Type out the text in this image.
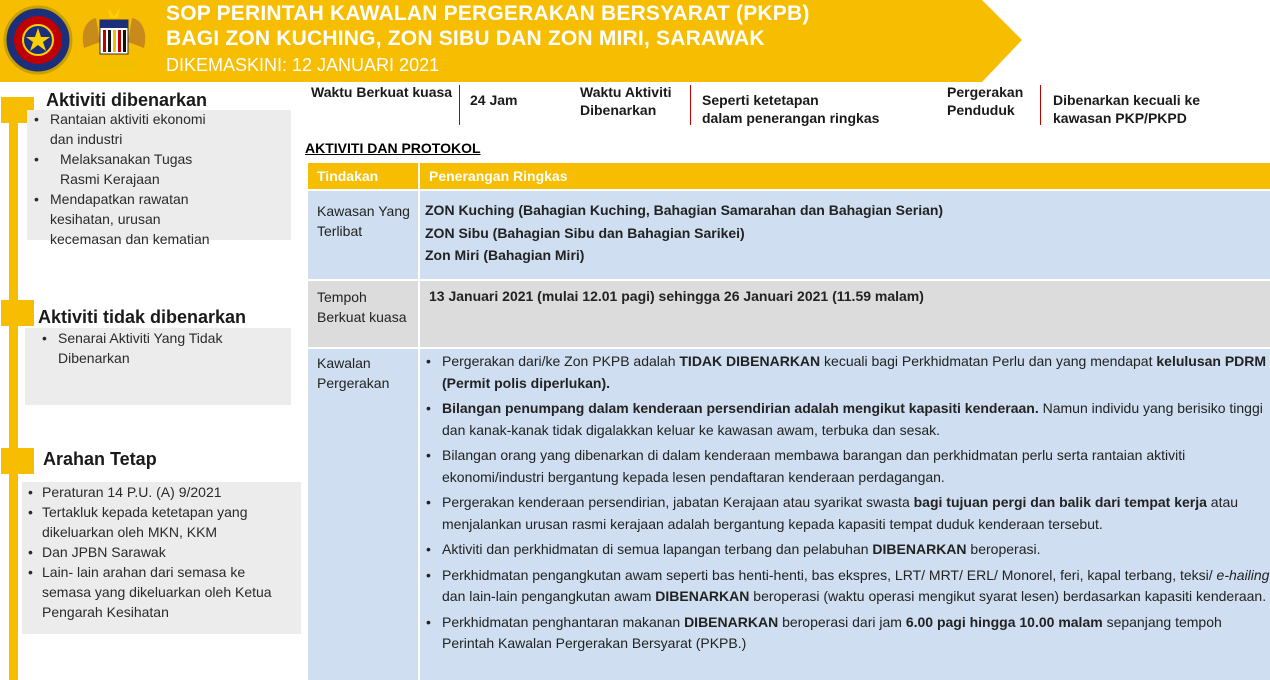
SOP PERINTAH KAWALAN PERGERAKAN BERSYARAT (PKPB)
BAGI ZON KUCHING, ZON SIBU DAN ZON MIRI, SARAWAK
DIKEMASKINI: 12 JANUARI 2021
Aktiviti dibenarkan
• Rantaian aktiviti ekonomi dan industri
• Melaksanakan Tugas Rasmi Kerajaan
• Mendapatkan rawatan kesihatan, urusan kecemasan dan kematian
Aktiviti tidak dibenarkan
• Senarai Aktiviti Yang Tidak Dibenarkan
Arahan Tetap
• Peraturan 14 P.U. (A) 9/2021
• Tertakluk kepada ketetapan yang dikeluarkan oleh MKN, KKM
• Dan JPBN Sarawak
• Lain- lain arahan dari semasa ke semasa yang dikeluarkan oleh Ketua Pengarah Kesihatan
Waktu Berkuat kuasa 24 Jam	Waktu Aktiviti
Dibenarkan
Seperti ketetapan
dalam penerangan ringkas
Pergerakan
Penduduk
Dibenarkan kecuali ke
kawasan PKP/PKPD
AKTIVITI DAN PROTOKOL
Tindakan	Penerangan Ringkas
Kawasan Yang Terlibat
ZON Kuching (Bahagian Kuching, Bahagian Samarahan dan Bahagian Serian)
ZON Sibu (Bahagian Sibu dan Bahagian Sarikei)
Zon Miri (Bahagian Miri)
Tempoh Berkuat kuasa
13 Januari 2021 (mulai 12.01 pagi) sehingga 26 Januari 2021 (11.59 malam)
Kawalan Pergerakan
• Pergerakan dari/ke Zon PKPB adalah TIDAK DIBENARKAN kecuali bagi Perkhidmatan Perlu dan yang mendapat kelulusan PDRM (Permit polis diperlukan).
• Bilangan penumpang dalam kenderaan persendirian adalah mengikut kapasiti kenderaan. Namun individu yang berisiko tinggi dan kanak-kanak tidak digalakkan keluar ke kawasan awam, terbuka dan sesak.
• Bilangan orang yang dibenarkan di dalam kenderaan membawa barangan dan perkhidmatan perlu serta rantaian aktiviti ekonomi/industri bergantung kepada lesen pendaftaran kenderaan perdagangan.
• Pergerakan kenderaan persendirian, jabatan Kerajaan atau syarikat swasta bagi tujuan pergi dan balik dari tempat kerja atau menjalankan urusan rasmi kerajaan adalah bergantung kepada kapasiti tempat duduk kenderaan tersebut.
• Aktiviti dan perkhidmatan di semua lapangan terbang dan pelabuhan DIBENARKAN beroperasi.
• Perkhidmatan pengangkutan awam seperti bas henti-henti, bas ekspres, LRT/ MRT/ ERL/ Monorel, feri, kapal terbang, teksi/ e-hailing dan lain-lain pengangkutan awam DIBENARKAN beroperasi (waktu operasi mengikut syarat lesen) berdasarkan kapasiti kenderaan.
• Perkhidmatan penghantaran makanan DIBENARKAN beroperasi dari jam 6.00 pagi hingga 10.00 malam sepanjang tempoh Perintah Kawalan Pergerakan Bersyarat (PKPB.)
